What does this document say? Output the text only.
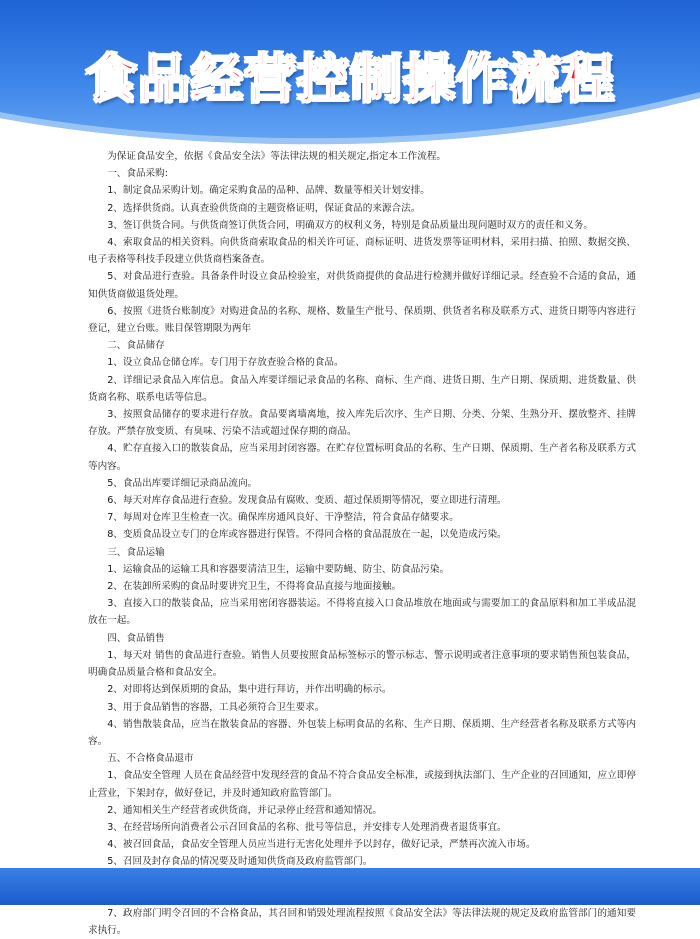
食品经营控制操作流程

为保证食品安全，依据《食品安全法》等法律法规的相关规定,指定本工作流程。

一、食品采购:

1、制定食品采购计划。确定采购食品的品种、品牌、数量等相关计划安排。

2、选择供货商。认真查验供货商的主题资格证明，保证食品的来源合法。

3、签订供货合同。与供货商签订供货合同，明确双方的权利义务，特别是食品质量出现问题时双方的责任和义务。

4、索取食品的相关资料。向供货商索取食品的相关许可证、商标证明、进货发票等证明材料，采用扫描、拍照、数据交换、电子表格等科技手段建立供货商档案备查。

5、对食品进行查验。具备条件时设立食品检验室，对供货商提供的食品进行检测并做好详细记录。经查验不合适的食品，通知供货商做退货处理。

6、按照《进货台账制度》对购进食品的名称、规格、数量生产批号、保质期、供货者名称及联系方式、进货日期等内容进行登记，建立台账。账目保管期限为两年

二、食品储存

1、设立食品仓储仓库。专门用于存放查验合格的食品。

2、详细记录食品入库信息。食品入库要详细记录食品的名称、商标、生产商、进货日期、生产日期、保质期、进货数量、供货商名称、联系电话等信息。

3、按照食品储存的要求进行存放。食品要离墙离地，按入库先后次序、生产日期、分类、分架、生熟分开、摆放整齐、挂牌存放。严禁存放变质、有臭味、污染不洁或超过保存期的商品。

4、贮存直接入口的散装食品，应当采用封闭容器。在贮存位置标明食品的名称、生产日期、保质期、生产者名称及联系方式等内容。

5、食品出库要详细记录商品流向。

6、每天对库存食品进行查验。发现食品有腐败、变质、超过保质期等情况，要立即进行清理。

7、每周对仓库卫生检查一次。确保库房通风良好、干净整洁，符合食品存储要求。

8、变质食品设立专门的仓库或容器进行保管。不得同合格的食品混放在一起，以免造成污染。

三、食品运输

1、运输食品的运输工具和容器要清洁卫生，运输中要防蝇、防尘、防食品污染。

2、在装卸所采购的食品时要讲究卫生，不得将食品直接与地面接触。

3、直接入口的散装食品，应当采用密闭容器装运。不得将直接入口食品堆放在地面或与需要加工的食品原料和加工半成品混放在一起。

四、食品销售

1、每天对 销售的食品进行查验。销售人员要按照食品标签标示的警示标志、警示说明或者注意事项的要求销售预包装食品，明确食品质量合格和食品安全。

2、对即将达到保质期的食品，集中进行拜访，并作出明确的标示。

3、用于食品销售的容器，工具必须符合卫生要求。

4、销售散装食品，应当在散装食品的容器、外包装上标明食品的名称、生产日期、保质期、生产经营者名称及联系方式等内容。

五、不合格食品退市

1、食品安全管理 人员在食品经营中发现经营的食品不符合食品安全标准，或接到执法部门、生产企业的召回通知，应立即停止营业，下架封存，做好登记，并及时通知政府监管部门。

2、通知相关生产经营者或供货商，并记录停止经营和通知情况。

3、在经营场所向消费者公示召回食品的名称、批号等信息，并安排专人处理消费者退货事宜。

4、被召回食品，食品安全管理人员应当进行无害化处理并予以封存，做好记录，严禁再次流入市场。

5、召回及封存食品的情况要及时通知供货商及政府监管部门。

7、政府部门明令召回的不合格食品，其召回和销毁处理流程按照《食品安全法》等法律法规的规定及政府监管部门的通知要求执行。
